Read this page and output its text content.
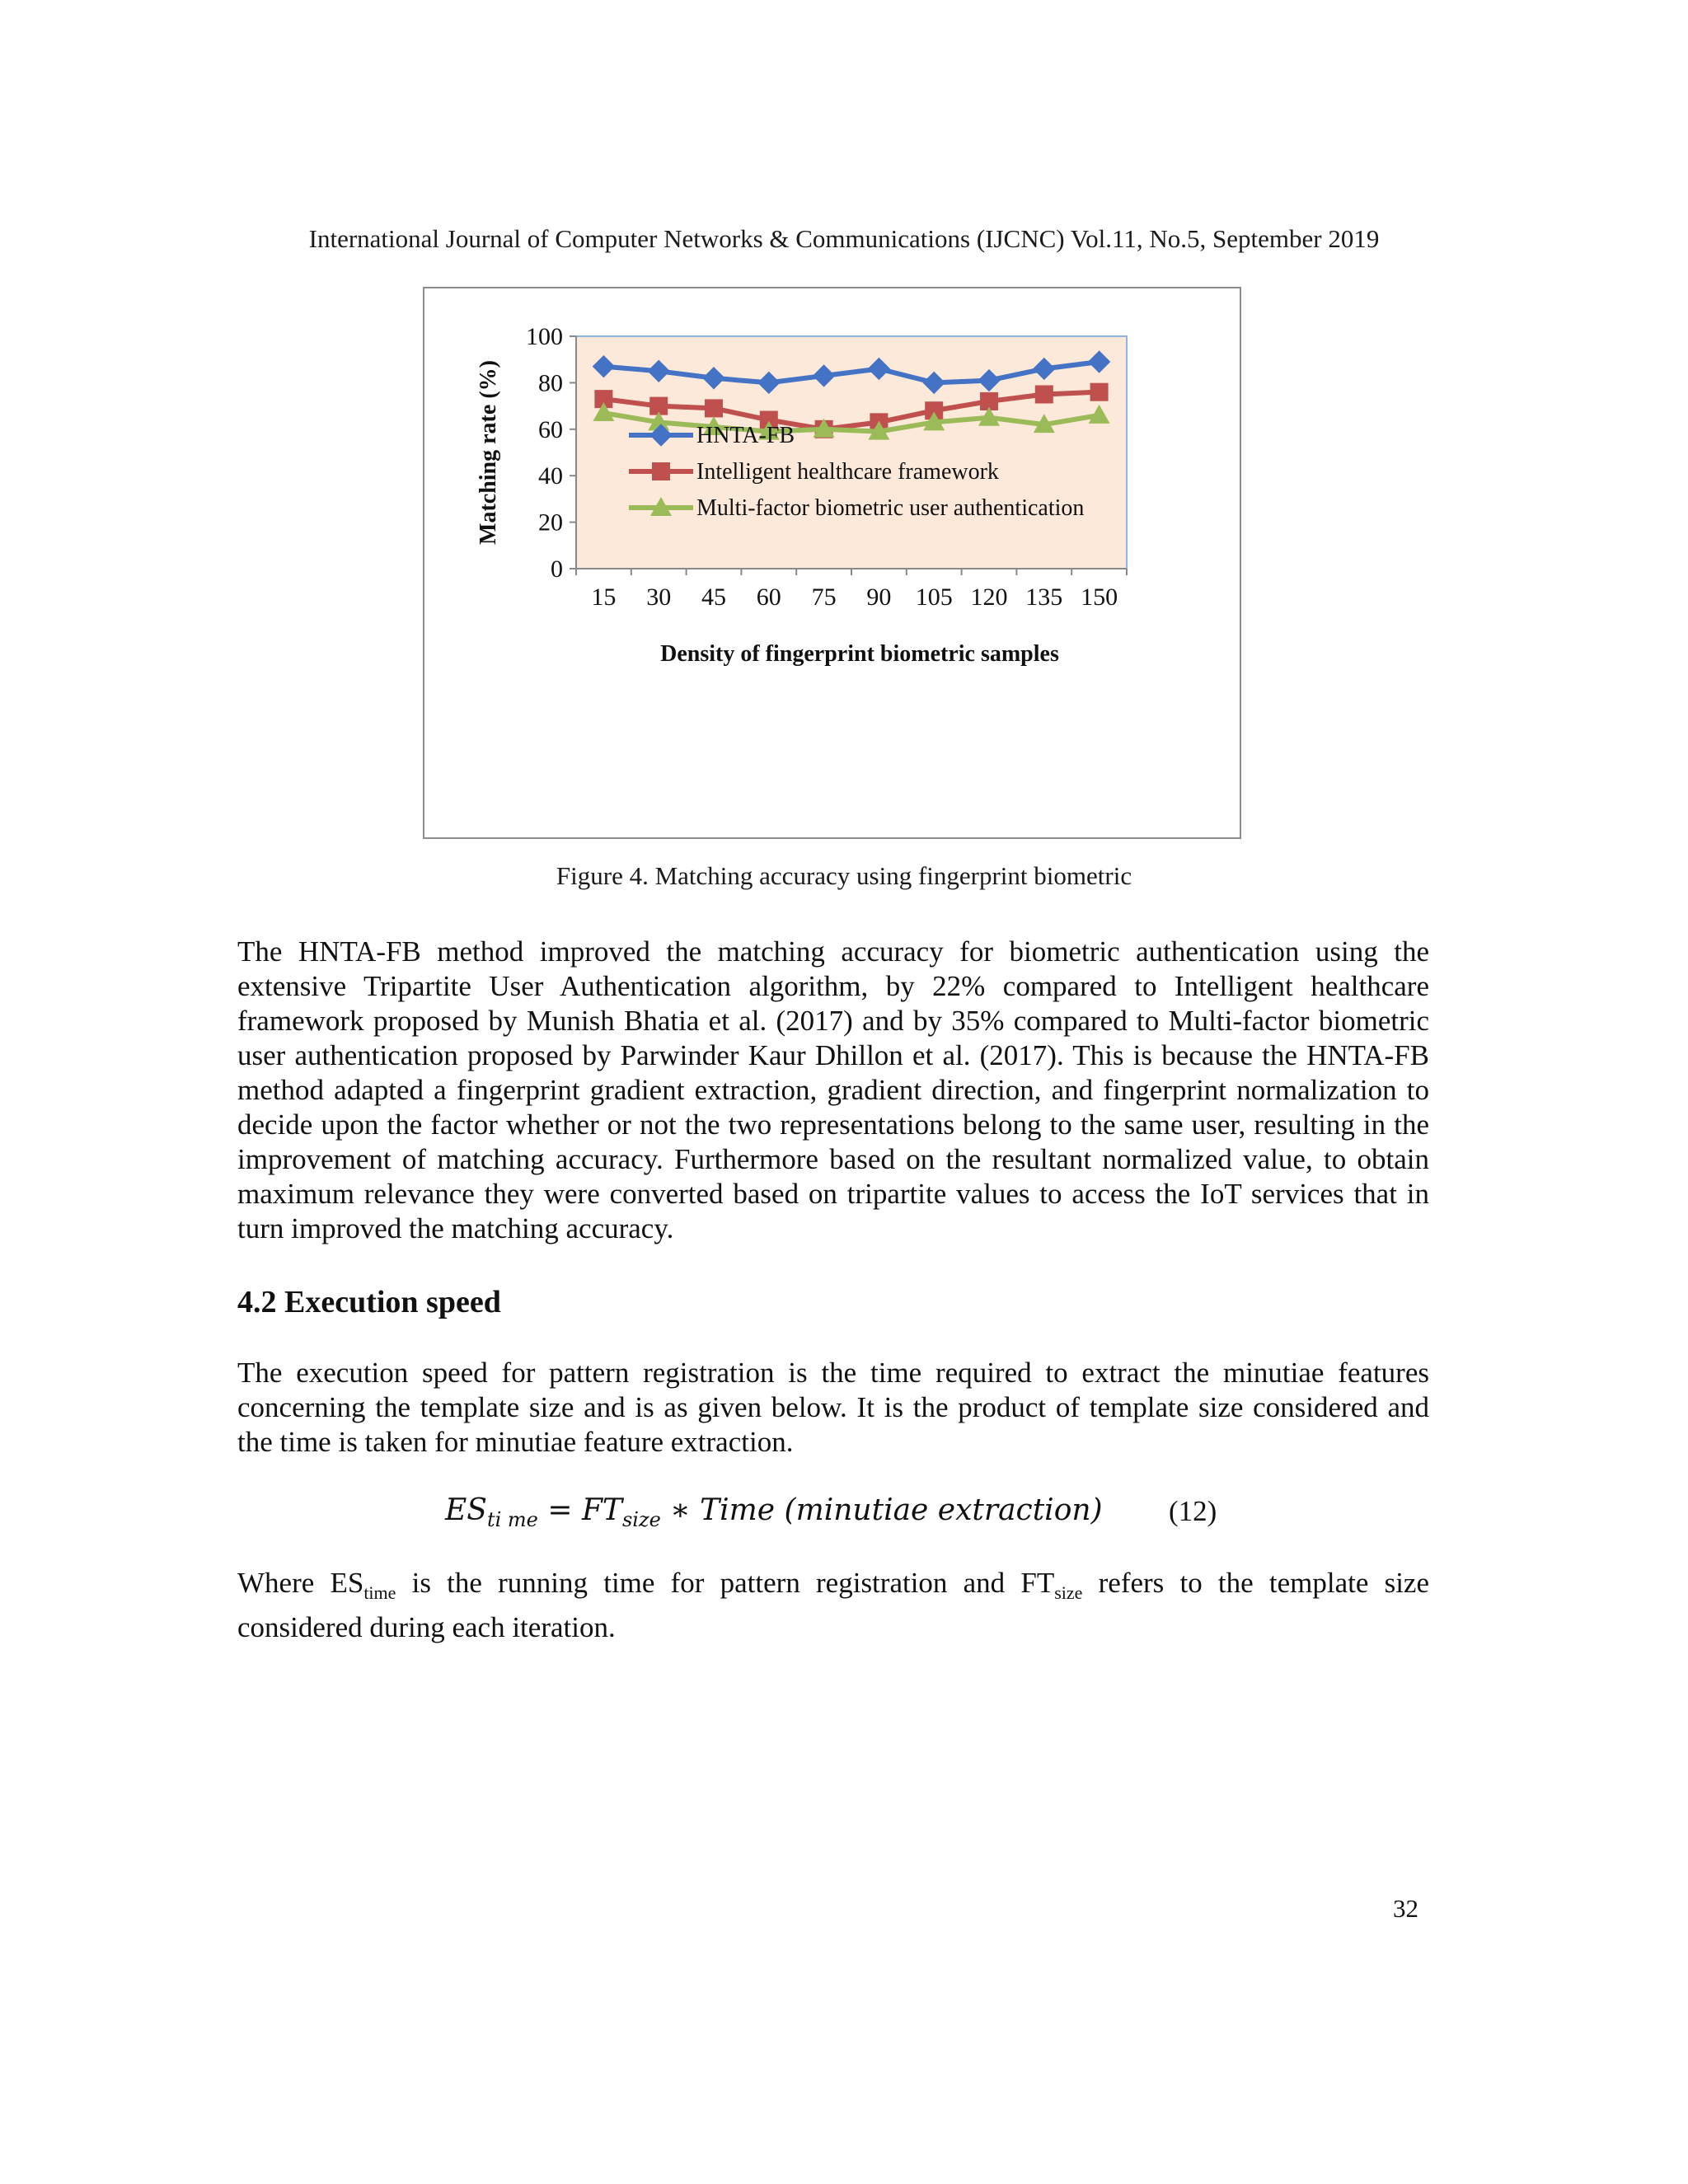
International Journal of Computer Networks & Communications (IJCNC) Vol.11, No.5, September 2019
0
20
40
60
80
100
15 30 45 60 75 90 105 120 135 150
Density of fingerprint biometric samples
Matching rate (%)	HNTA-FB
Intelligent healthcare framework
Multi-factor biometric user authentication
Figure 4. Matching accuracy using fingerprint biometric

The HNTA-FB method improved the matching accuracy for biometric authentication using the extensive Tripartite User Authentication algorithm, by 22% compared to Intelligent healthcare framework proposed by Munish Bhatia et al. (2017) and by 35% compared to Multi-factor biometric user authentication proposed by Parwinder Kaur Dhillon et al. (2017). This is because the HNTA-FB method adapted a fingerprint gradient extraction, gradient direction, and fingerprint normalization to decide upon the factor whether or not the two representations belong to the same user, resulting in the improvement of matching accuracy. Furthermore based on the resultant normalized value, to obtain maximum relevance they were converted based on tripartite values to access the IoT services that in turn improved the matching accuracy.

4.2 Execution speed

The execution speed for pattern registration is the time required to extract the minutiae features concerning the template size and is as given below. It is the product of template size considered and the time is taken for minutiae feature extraction.

$ES_{ti me} = FT_{size}$ ∗ Time (minutiae extraction) (12)

Where $ES_{time}$ is the running time for pattern registration and $FT_{size}$ refers to the template size considered during each iteration.

32
